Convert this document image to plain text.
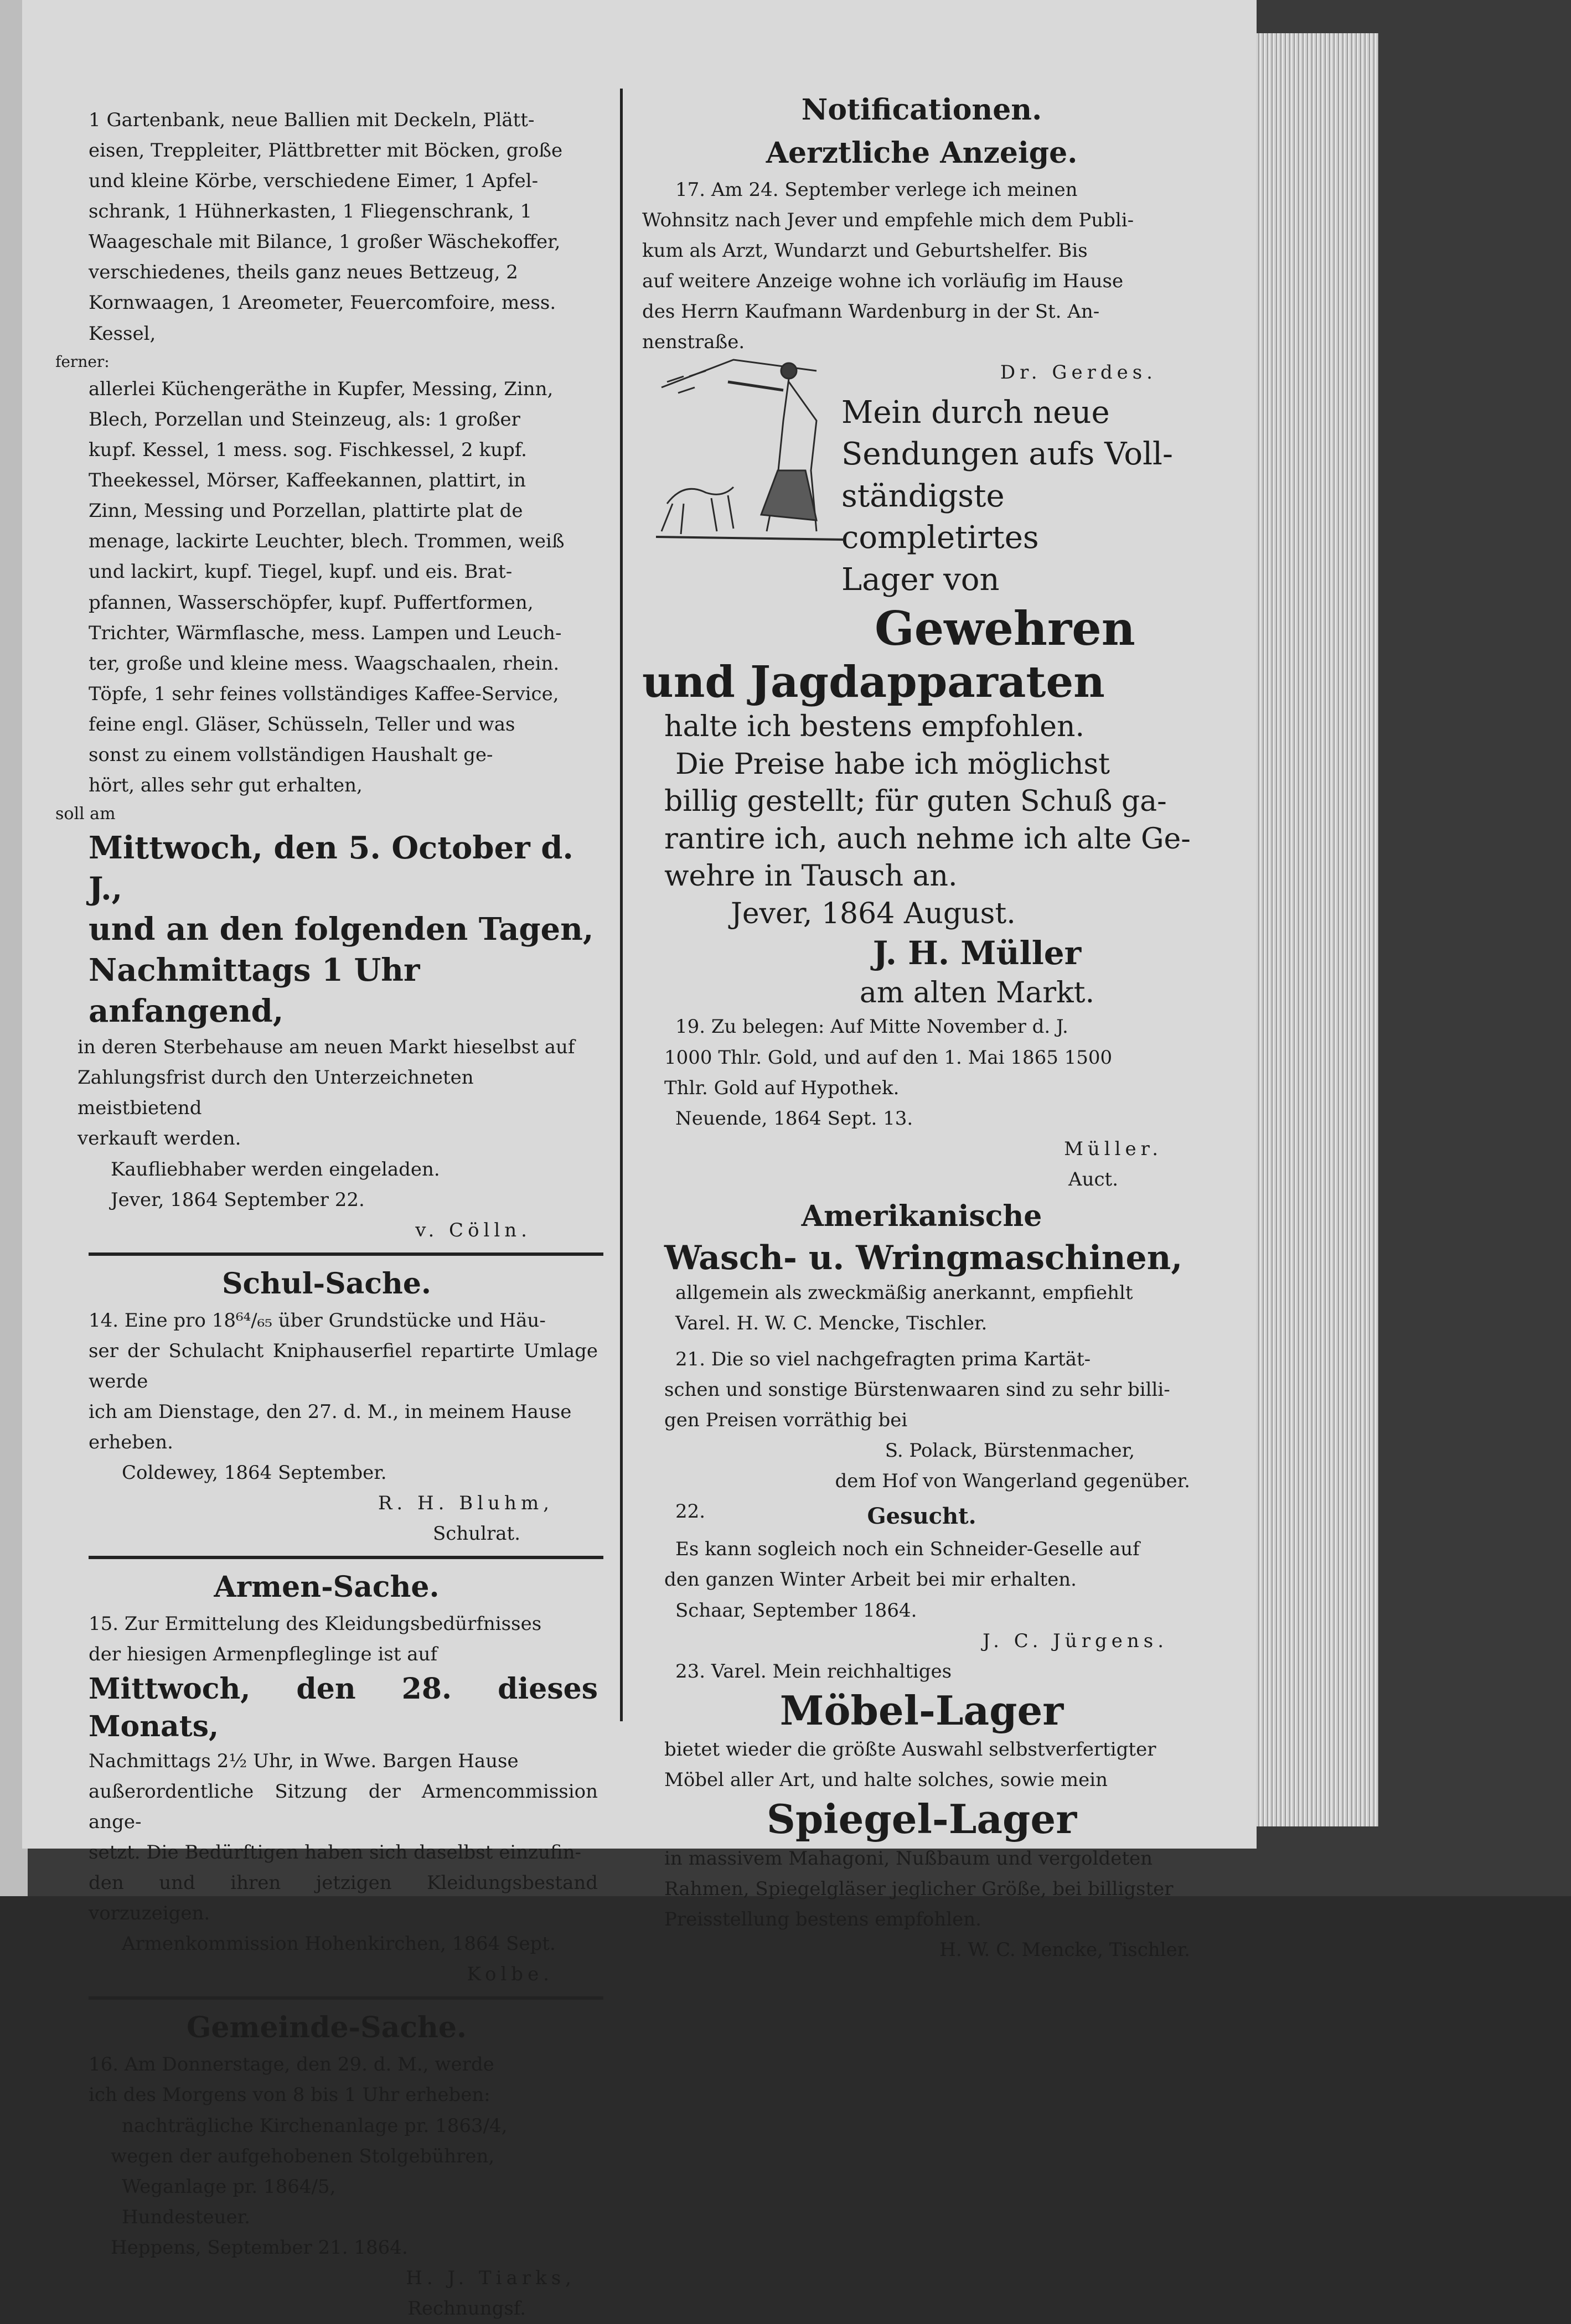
1 Gartenbank, neue Ballien mit Deckeln, Plätt-

eisen, Treppleiter, Plättbretter mit Böcken, große

und kleine Körbe, verschiedene Eimer, 1 Apfel-

schrank, 1 Hühnerkasten, 1 Fliegenschrank, 1

Waageschale mit Bilance, 1 großer Wäschekoffer,

verschiedenes, theils ganz neues Bettzeug, 2

Kornwaagen, 1 Areometer, Feuercomfoire, mess.

Kessel,

ferner:

allerlei Küchengeräthe in Kupfer, Messing, Zinn,

Blech, Porzellan und Steinzeug, als: 1 großer

kupf. Kessel, 1 mess. sog. Fischkessel, 2 kupf.

Theekessel, Mörser, Kaffeekannen, plattirt, in

Zinn, Messing und Porzellan, plattirte plat de

menage, lackirte Leuchter, blech. Trommen, weiß

und lackirt, kupf. Tiegel, kupf. und eis. Brat-

pfannen, Wasserschöpfer, kupf. Puffertformen,

Trichter, Wärmflasche, mess. Lampen und Leuch-

ter, große und kleine mess. Waagschaalen, rhein.

Töpfe, 1 sehr feines vollständiges Kaffee-Service,

feine engl. Gläser, Schüsseln, Teller und was

sonst zu einem vollständigen Haushalt ge-

hört, alles sehr gut erhalten,

soll am

Mittwoch, den 5. October d. J.,

und an den folgenden Tagen,

Nachmittags 1 Uhr anfangend,

in deren Sterbehause am neuen Markt hieselbst auf

Zahlungsfrist durch den Unterzeichneten meistbietend

verkauft werden.

Kaufliebhaber werden eingeladen.

Jever, 1864 September 22.

v. Cölln.

Schul-Sache.

14. Eine pro 18⁶⁴/₆₅ über Grundstücke und Häu-

ser der Schulacht Kniphauserfiel repartirte Umlage werde

ich am Dienstage, den 27. d. M., in meinem Hause

erheben.

Coldewey, 1864 September.

R. H. Bluhm,

Schulrat.

Armen-Sache.

15. Zur Ermittelung des Kleidungsbedürfnisses

der hiesigen Armenpfleglinge ist auf

Mittwoch, den 28. dieses Monats,

Nachmittags 2½ Uhr, in Wwe. Bargen Hause

außerordentliche Sitzung der Armencommission ange-

setzt. Die Bedürftigen haben sich daselbst einzufin-

den und ihren jetzigen Kleidungsbestand vorzuzeigen.

Armenkommission Hohenkirchen, 1864 Sept.

Kolbe.

Gemeinde-Sache.

16. Am Donnerstage, den 29. d. M., werde

ich des Morgens von 8 bis 1 Uhr erheben:

nachträgliche Kirchenanlage pr. 1863/4,

wegen der aufgehobenen Stolgebühren,

Weganlage pr. 1864/5,

Hundesteuer.

Heppens, September 21. 1864.

H. J. Tiarks,

Rechnungsf.

Notificationen.

Aerztliche Anzeige.

17. Am 24. September verlege ich meinen

Wohnsitz nach Jever und empfehle mich dem Publi-

kum als Arzt, Wundarzt und Geburtshelfer. Bis

auf weitere Anzeige wohne ich vorläufig im Hause

des Herrn Kaufmann Wardenburg in der St. An-

nenstraße.

Dr. Gerdes.

Mein durch neue

Sendungen aufs Voll-

ständigste completirtes

Lager von

Gewehren

und Jagdapparaten

halte ich bestens empfohlen.

Die Preise habe ich möglichst

billig gestellt; für guten Schuß ga-

rantire ich, auch nehme ich alte Ge-

wehre in Tausch an.

Jever, 1864 August.

J. H. Müller

am alten Markt.

19. Zu belegen: Auf Mitte November d. J.

1000 Thlr. Gold, und auf den 1. Mai 1865 1500

Thlr. Gold auf Hypothek.

Neuende, 1864 Sept. 13.

Müller.

Auct.

Amerikanische

Wasch- u. Wringmaschinen,

allgemein als zweckmäßig anerkannt, empfiehlt

Varel. H. W. C. Mencke, Tischler.

21. Die so viel nachgefragten prima Kartät-

schen und sonstige Bürstenwaaren sind zu sehr billi-

gen Preisen vorräthig bei

S. Polack, Bürstenmacher,

dem Hof von Wangerland gegenüber.

22.	Gesucht.

Es kann sogleich noch ein Schneider-Geselle auf

den ganzen Winter Arbeit bei mir erhalten.

Schaar, September 1864.

J. C. Jürgens.

23. Varel. Mein reichhaltiges

Möbel-Lager

bietet wieder die größte Auswahl selbstverfertigter

Möbel aller Art, und halte solches, sowie mein

Spiegel-Lager

in massivem Mahagoni, Nußbaum und vergoldeten

Rahmen, Spiegelgläser jeglicher Größe, bei billigster

Preisstellung bestens empfohlen.

H. W. C. Mencke, Tischler.
